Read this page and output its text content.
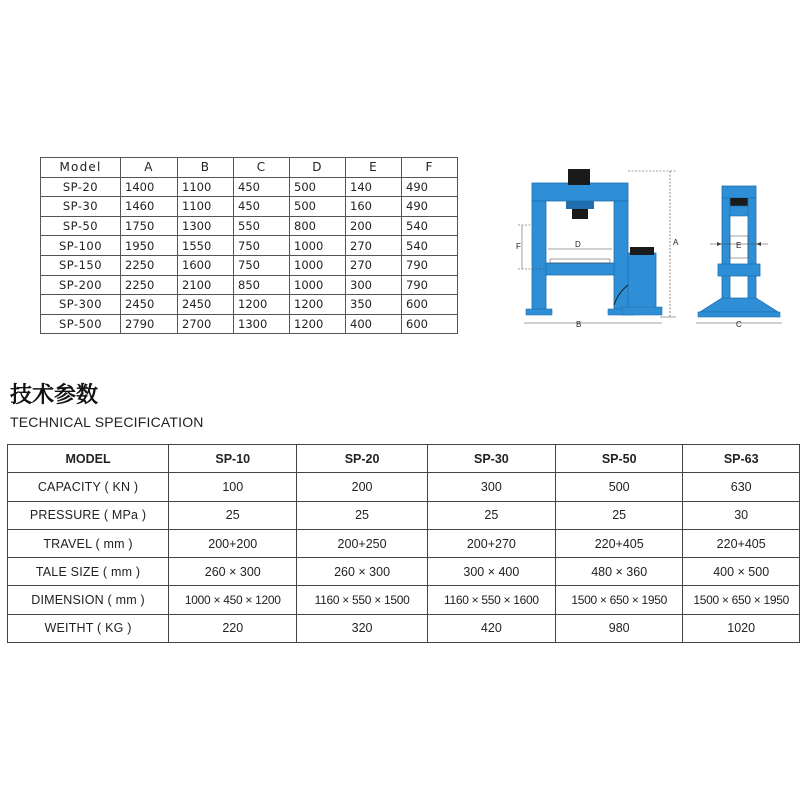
Model	A	B	C	D	E	F
SP-20	1400	1100	450	500	140	490
SP-30	1460	1100	450	500	160	490
SP-50	1750	1300	550	800	200	540
SP-100	1950	1550	750	1000	270	540
SP-150	2250	1600	750	1000	270	790
SP-200	2250	2100	850	1000	300	790
SP-300	2450	2450	1200	1200	350	600
SP-500	2790	2700	1300	1200	400	600
A
D
F
B
E
C
技术参数
TECHNICAL SPECIFICATION
MODEL	SP-10	SP-20	SP-30	SP-50	SP-63
CAPACITY ( KN )	100	200	300	500	630
PRESSURE ( MPa )	25	25	25	25	30
TRAVEL ( mm )	200+200	200+250	200+270	220+405	220+405
TALE SIZE ( mm )	260 × 300	260 × 300	300 × 400	480 × 360	400 × 500
DIMENSION ( mm )	1000 × 450 × 1200	1160 × 550 × 1500	1160 × 550 × 1600	1500 × 650 × 1950	1500 × 650 × 1950
WEITHT ( KG )	220	320	420	980	1020
